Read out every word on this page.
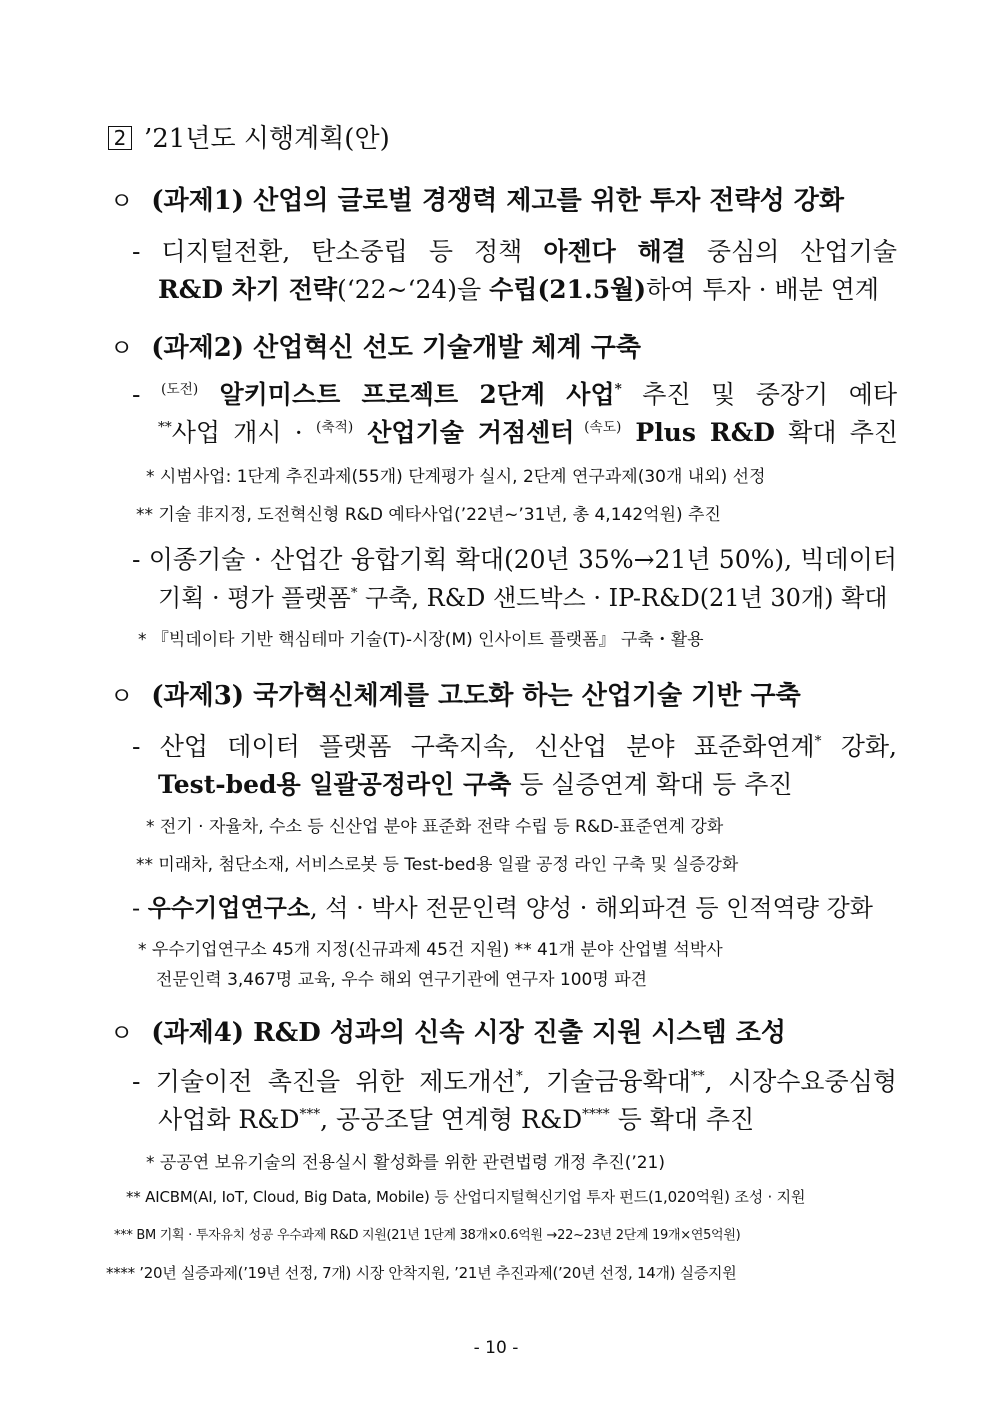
2 ’21년도 시행계획(안)
ㅇ (과제1) 산업의 글로벌 경쟁력 제고를 위한 투자 전략성 강화
- 디지털전환, 탄소중립 등 정책 아젠다 해결 중심의 산업기술
R&D 차기 전략(‘22~‘24)을 수립(21.5월)하여 투자 · 배분 연계
ㅇ (과제2) 산업혁신 선도 기술개발 체계 구축
- $^{(도전)}$ 알키미스트 프로젝트 2단계 사업* 추진 및 중장기 예타
**사업 개시 · $^{(축적)}$ 산업기술 거점센터 $^{(속도)}$ Plus R&D 확대 추진
* 시범사업: 1단계 추진과제(55개) 단계평가 실시, 2단계 연구과제(30개 내외) 선정
** 기술 非지정, 도전혁신형 R&D 예타사업(’22년~’31년, 총 4,142억원) 추진
- 이종기술 · 산업간 융합기획 확대(20년 35%→21년 50%), 빅데이터
기획 · 평가 플랫폼* 구축, R&D 샌드박스 · IP-R&D(21년 30개) 확대
* 『빅데이타 기반 핵심테마 기술(T)-시장(M) 인사이트 플랫폼』 구축・활용
ㅇ (과제3) 국가혁신체계를 고도화 하는 산업기술 기반 구축
- 산업 데이터 플랫폼 구축지속, 신산업 분야 표준화연계* 강화,
Test-bed용 일괄공정라인 구축 등 실증연계 확대 등 추진
* 전기 · 자율차, 수소 등 신산업 분야 표준화 전략 수립 등 R&D-표준연계 강화
** 미래차, 첨단소재, 서비스로봇 등 Test-bed용 일괄 공정 라인 구축 및 실증강화
- 우수기업연구소, 석 · 박사 전문인력 양성 · 해외파견 등 인적역량 강화
* 우수기업연구소 45개 지정(신규과제 45건 지원) ** 41개 분야 산업별 석박사
전문인력 3,467명 교육, 우수 해외 연구기관에 연구자 100명 파견
ㅇ (과제4) R&D 성과의 신속 시장 진출 지원 시스템 조성
- 기술이전 촉진을 위한 제도개선*, 기술금융확대**, 시장수요중심형
사업화 R&D***, 공공조달 연계형 R&D**** 등 확대 추진
* 공공연 보유기술의 전용실시 활성화를 위한 관련법령 개정 추진(’21)
** AICBM(AI, IoT, Cloud, Big Data, Mobile) 등 산업디지털혁신기업 투자 펀드(1,020억원) 조성 · 지원
*** BM 기획 · 투자유치 성공 우수과제 R&D 지원(21년 1단계 38개×0.6억원 →22~23년 2단계 19개×연5억원)
**** ’20년 실증과제(’19년 선정, 7개) 시장 안착지원, ’21년 추진과제(’20년 선정, 14개) 실증지원
- 10 -
